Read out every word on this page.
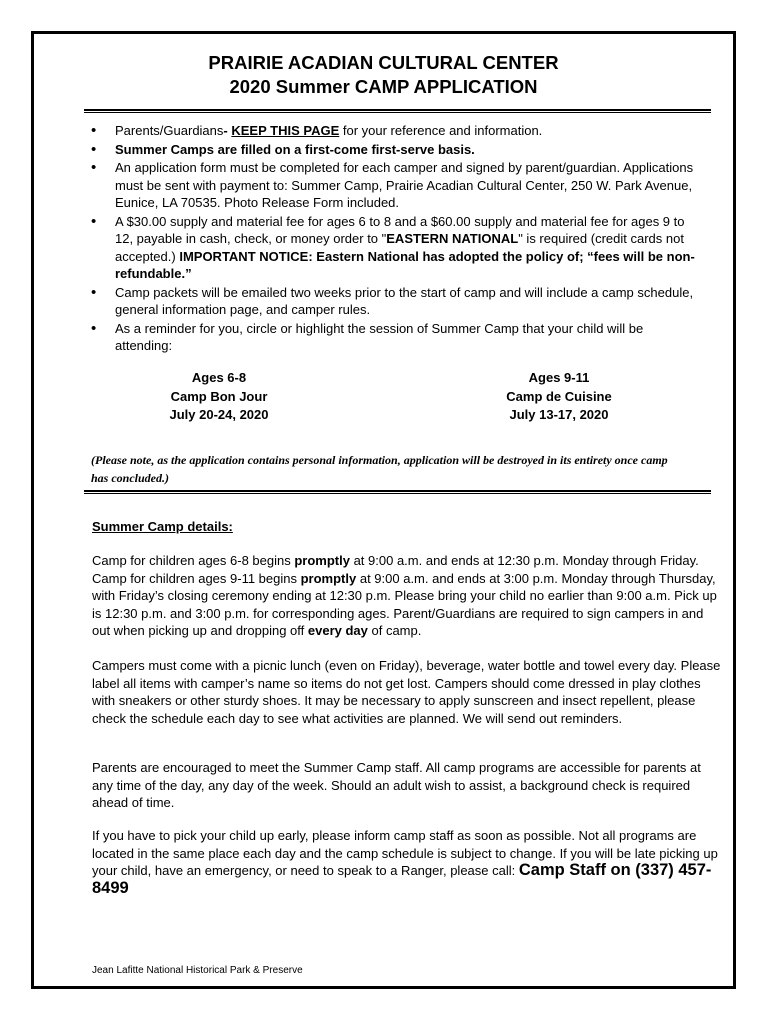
PRAIRIE ACADIAN CULTURAL CENTER
2020 Summer CAMP APPLICATION
• Parents/Guardians- KEEP THIS PAGE for your reference and information.
• Summer Camps are filled on a first-come first-serve basis.
• An application form must be completed for each camper and signed by parent/guardian. Applications must be sent with payment to: Summer Camp, Prairie Acadian Cultural Center, 250 W. Park Avenue, Eunice, LA 70535. Photo Release Form included.
• A $30.00 supply and material fee for ages 6 to 8 and a $60.00 supply and material fee for ages 9 to 12, payable in cash, check, or money order to "EASTERN NATIONAL" is required (credit cards not accepted.) IMPORTANT NOTICE: Eastern National has adopted the policy of; “fees will be non-refundable.”
• Camp packets will be emailed two weeks prior to the start of camp and will include a camp schedule, general information page, and camper rules.
• As a reminder for you, circle or highlight the session of Summer Camp that your child will be attending:
Ages 6-8
Camp Bon Jour
July 20-24, 2020
Ages 9-11
Camp de Cuisine
July 13-17, 2020
(Please note, as the application contains personal information, application will be destroyed in its entirety once camp has concluded.)
Summer Camp details:
Camp for children ages 6-8 begins promptly at 9:00 a.m. and ends at 12:30 p.m. Monday through Friday. Camp for children ages 9-11 begins promptly at 9:00 a.m. and ends at 3:00 p.m. Monday through Thursday, with Friday’s closing ceremony ending at 12:30 p.m. Please bring your child no earlier than 9:00 a.m. Pick up is 12:30 p.m. and 3:00 p.m. for corresponding ages. Parent/Guardians are required to sign campers in and out when picking up and dropping off every day of camp.
Campers must come with a picnic lunch (even on Friday), beverage, water bottle and towel every day. Please label all items with camper’s name so items do not get lost. Campers should come dressed in play clothes with sneakers or other sturdy shoes. It may be necessary to apply sunscreen and insect repellent, please check the schedule each day to see what activities are planned. We will send out reminders.
Parents are encouraged to meet the Summer Camp staff. All camp programs are accessible for parents at any time of the day, any day of the week. Should an adult wish to assist, a background check is required ahead of time.
If you have to pick your child up early, please inform camp staff as soon as possible. Not all programs are located in the same place each day and the camp schedule is subject to change. If you will be late picking up your child, have an emergency, or need to speak to a Ranger, please call: Camp Staff on (337) 457-8499
Jean Lafitte National Historical Park & Preserve
